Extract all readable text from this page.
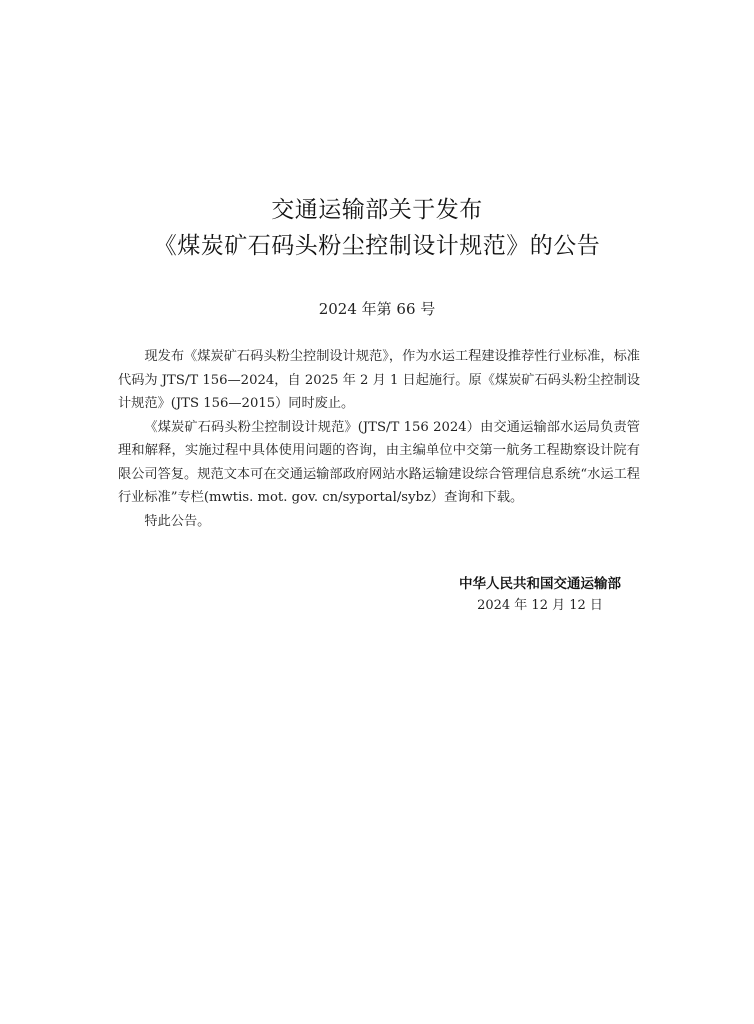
交通运输部关于发布
《煤炭矿石码头粉尘控制设计规范》的公告
2024 年第 66 号

现发布《煤炭矿石码头粉尘控制设计规范》，作为水运工程建设推荐性行业标准，标准代码为 JTS/T 156—2024，自 2025 年 2 月 1 日起施行。原《煤炭矿石码头粉尘控制设计规范》(JTS 156—2015）同时废止。

《煤炭矿石码头粉尘控制设计规范》(JTS/T 156 2024）由交通运输部水运局负责管理和解释，实施过程中具体使用问题的咨询，由主编单位中交第一航务工程勘察设计院有限公司答复。规范文本可在交通运输部政府网站水路运输建设综合管理信息系统“水运工程行业标准”专栏(mwtis. mot. gov. cn/syportal/sybz）查询和下载。

特此公告。

中华人民共和国交通运输部
2024 年 12 月 12 日
